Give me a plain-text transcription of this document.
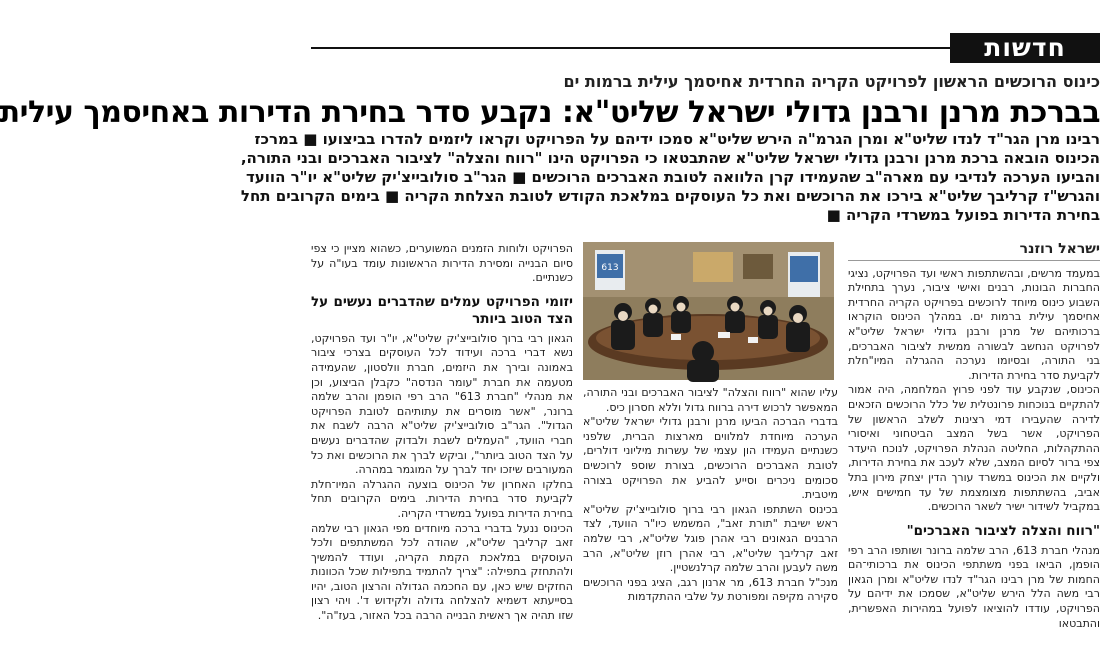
חדשות
כינוס הרוכשים הראשון לפרויקט הקריה החרדית אחיסמך עילית ברמות ים
בברכת מרנן ורבנן גדולי ישראל שליט"א: נקבע סדר בחירת הדירות באחיסמך עילית

רבינו מרן הגר"ד לנדו שליט"א ומרן הגרמ"ה הירש שליט"א סמכו ידיהם על הפרויקט וקראו ליזמים להדרו בביצועו ■ במרכז

הכינוס הובאה ברכת מרנן ורבנן גדולי ישראל שליט"א שהתבטאו כי הפרויקט הינו "רווח והצלה" לציבור האברכים ובני התורה,

והביעו הערכה לנדיבי עם מארה"ב שהעמידו קרן הלוואה לטובת האברכים הרוכשים ■ הגר"ב סולובייצ'יק שליט"א יו"ר הוועד

והגרש"ז קרליבך שליט"א בירכו את הרוכשים ואת כל העוסקים במלאכת הקודש לטובת הצלחת הקריה ■ בימים הקרובים תחל

בחירת הדירות בפועל במשרדי הקריה ■

ישראל רוזנר

במעמד מרשים, ובהשתתפות ראשי ועד הפרויקט, נציגי החברות הבונות, רבנים ואישי ציבור, נערך בתחילת השבוע כינוס מיוחד לרוכשים בפרויקט הקריה החרדית אחיסמך עילית ברמות ים. במהלך הכינוס הוקראו ברכותיהם של מרנן ורבנן גדולי ישראל שליט"א לפרויקט הנחשב לבשורה ממשית לציבור האברכים, בני התורה, ובסיומו נערכה ההגרלה המיו"חלת לקביעת סדר בחירת הדירות.

הכינוס, שנקבע עוד לפני פרוץ המלחמה, היה אמור להתקיים בנוכחות פרונטלית של כלל הרוכשים הזכאים לדירה שהעבירו דמי רצינות לשלב הראשון של הפרויקט, אשר בשל המצב הביטחוני ואיסורי ההתקהלות, החליטה הנהלת הפרויקט, לנוכח היעדר צפי ברור לסיום המצב, שלא לעכב את בחירת הדירות, ולקיים את הכינוס במשרד עורך הדין יצחק מירון בתל אביב, בהשתתפות מצומצמת של עד חמישים איש, במקביל לשידור ישיר לשאר הרוכשים.

"רווח והצלה לציבור האברכים"

מנהלי חברת 613, הרב שלמה ברונר ושותפו הרב רפי הופמן, הביאו בפני משתתפי הכינוס את ברכותי־הם החמות של מרן רבינו הגר"ד לנדו שליט"א ומרן הגאון רבי משה הלל הירש שליט"א, שסמכו את ידיהם על הפרויקט, עודדו להוציאו לפועל במהירות האפשרית, והתבטאו

613

עליו שהוא "רווח והצלה" לציבור האברכים ובני התורה, המאפשר לרכוש דירה ברווח גדול וללא חסרון כיס.

בדברי הברכה הביעו מרנן ורבנן גדולי ישראל שליט"א הערכה מיוחדת למלווים מארצות הברית, שלפני כשנתיים העמידו הון עצמי של עשרות מיליוני דולרים, לטובת האברכים הרוכשים, בצורת שוספ לרוכשים סכומים ניכרים וסייע להביע את הפרויקט בצורה מיטבית.

בכינוס השתתפו הגאון רבי ברוך סולובייצ'יק שליט"א ראש ישיבת "תורת זאב", המשמש כיו"ר הוועד, לצד הרבנים הגאונים רבי אהרן פוגל שליט"א, רבי שלמה זאב קרליבך שליט"א, רבי אהרן רוזן שליט"א, הרב משה לעבען והרב שלמה קרלנשטיין.

מנכ"ל חברת 613, מר ארנון רגב, הציג בפני הרוכשים סקירה מקיפה ומפורטת על שלבי ההתקדמות

הפרויקט ולוחות הזמנים המשוערים, כשהוא מציין כי צפי סיום הבנייה ומסירת הדירות הראשונות עומד בעו"ה על כשנתיים.

יזומי הפרויקט עמלים שהדברים נעשים על הצד הטוב ביותר

הגאון רבי ברוך סולובייצ'יק שליט"א, יו"ר ועד הפרויקט, נשא דברי ברכה ועידוד לכל העוסקים בצרכי ציבור באמונה ובירך את היזמים, חברת וולסטון, שהעמידה מטעמה את חברת "עומר הנדסה" כקבלן הביצוע, וכן את מנהלי "חברת 613" הרב רפי הופמן והרב שלמה ברונר, "אשר מוסרים את עתותיהם לטובת הפרויקט הגדול". הגר"ב סולובייצ'יק שליט"א הרבה לשבח את חברי הוועד, "העמלים לשבת ולבדוק שהדברים נעשים על הצד הטוב ביותר", וביקש לברך את הרוכשים ואת כל המעורבים שיזכו יחד לברך על המוגמר במהרה.

בחלקו האחרון של הכינוס בוצעה ההגרלה המיו־חלת לקביעת סדר בחירת הדירות. בימים הקרובים תחל בחירת הדירות בפועל במשרדי הקריה.

הכינוס ננעל בדברי ברכה מיוחדים מפי הגאון רבי שלמה זאב קרליבך שליט"א, שהודה לכל המשתתפים ולכל העוסקים במלאכת הקמת הקריה, ועודד להמשיך ולהתחזק בתפילה: "צריך להתמיד בתפילות שכל הכוונות החזקים שיש כאן, עם החכמה הגדולה והרצון הטוב, יהיו בסייעתא דשמיא להצלחה גדולה ולקידוש ד'. ויהי רצון שזו תהיה אך ראשית הבנייה הרבה בכל האזור, בעז"ה".
